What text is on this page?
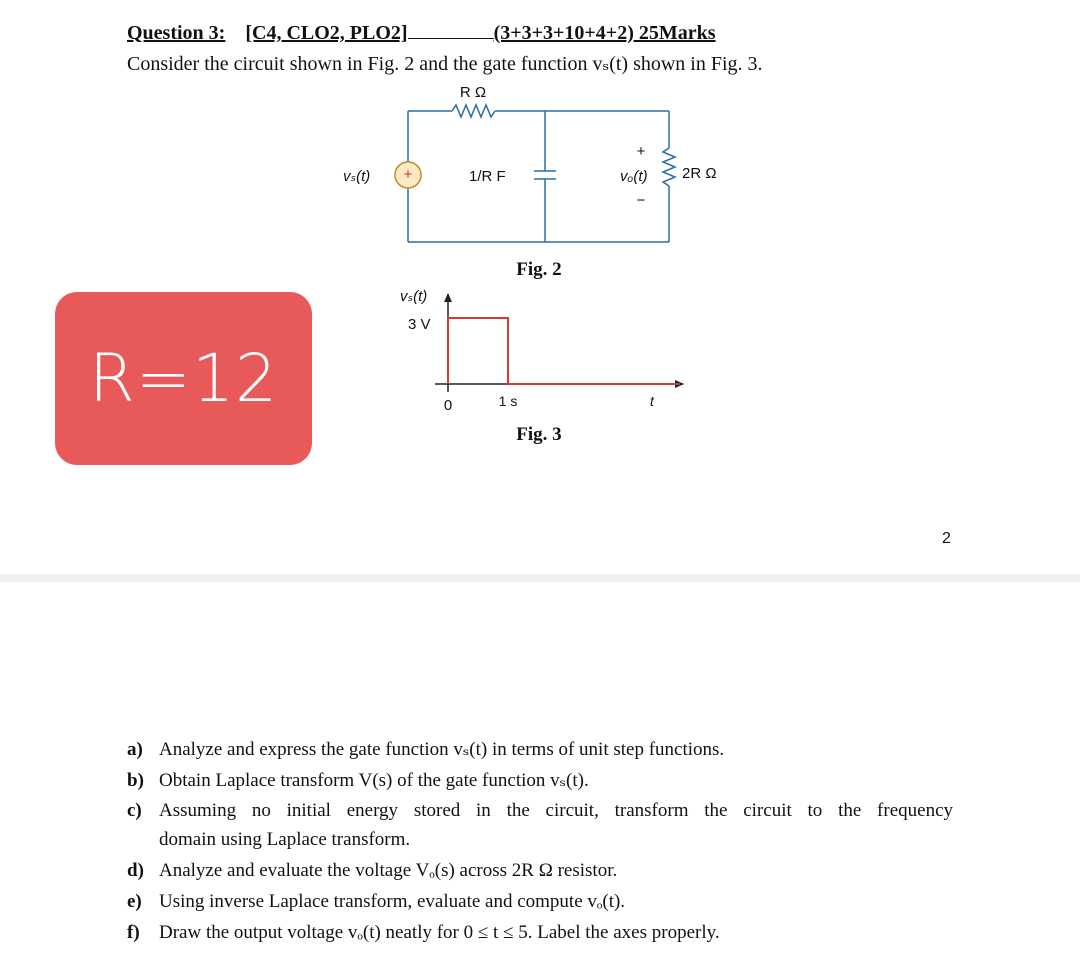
Question 3: [C4, CLO2, PLO2]	(3+3+3+10+4+2) 25Marks
Consider the circuit shown in Fig. 2 and the gate function vₛ(t) shown in Fig. 3.
+
R Ω
vₛ(t)	1/R F	vₒ(t)
+
−
2R Ω
Fig. 2
R=12
vₛ(t)
3 V
0	1 s	t
Fig. 3
2
a) Analyze and express the gate function vₛ(t) in terms of unit step functions.
b) Obtain Laplace transform V(s) of the gate function vₛ(t).
c) Assuming no initial energy stored in the circuit, transform the circuit to the frequency
domain using Laplace transform.
d) Analyze and evaluate the voltage Vₒ(s) across 2R Ω resistor.
e) Using inverse Laplace transform, evaluate and compute vₒ(t).
f) Draw the output voltage vₒ(t) neatly for 0 ≤ t ≤ 5. Label the axes properly.
